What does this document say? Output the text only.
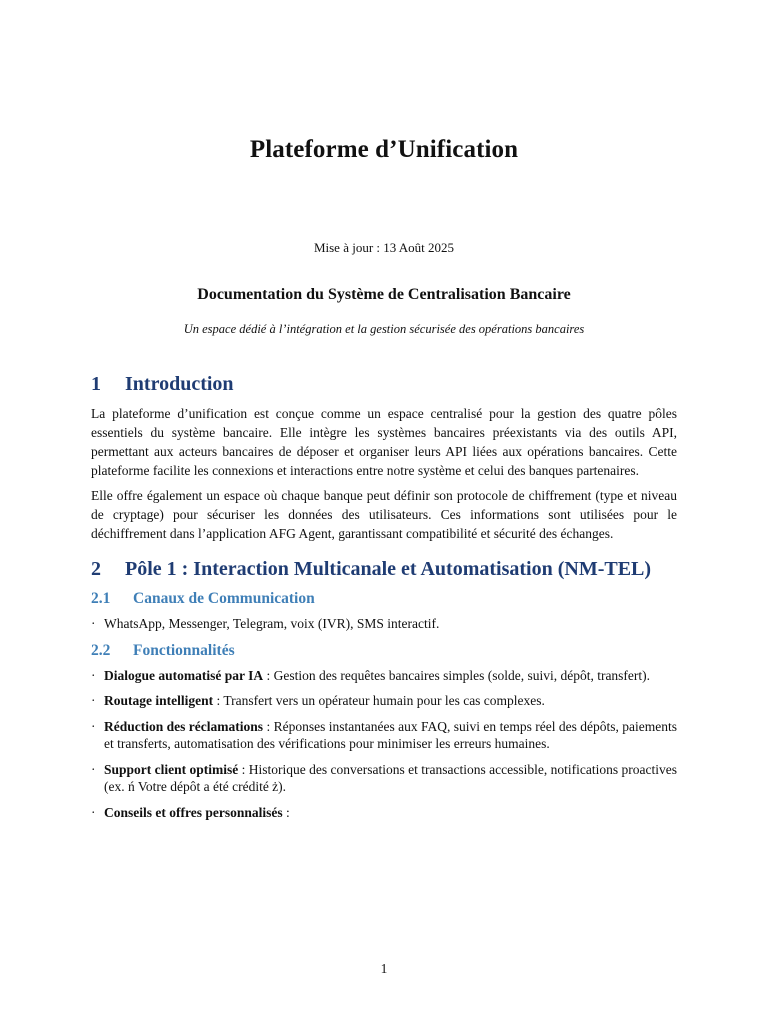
Plateforme d’Unification
Mise à jour : 13 Août 2025
Documentation du Système de Centralisation Bancaire
Un espace dédié à l’intégration et la gestion sécurisée des opérations bancaires
1 Introduction

La plateforme d’unification est conçue comme un espace centralisé pour la gestion des quatre pôles essentiels du système bancaire. Elle intègre les systèmes bancaires préexistants via des outils API, permettant aux acteurs bancaires de déposer et organiser leurs API liées aux opérations bancaires. Cette plateforme facilite les connexions et interactions entre notre système et celui des banques partenaires.

Elle offre également un espace où chaque banque peut définir son protocole de chiffrement (type et niveau de cryptage) pour sécuriser les données des utilisateurs. Ces informations sont utilisées pour le déchiffrement dans l’application AFG Agent, garantissant compatibilité et sécurité des échanges.

2 Pôle 1 : Interaction Multicanale et Automatisation (NM-TEL)
2.1 Canaux de Communication
· WhatsApp, Messenger, Telegram, voix (IVR), SMS interactif.
2.2 Fonctionnalités
· Dialogue automatisé par IA : Gestion des requêtes bancaires simples (solde, suivi, dépôt, transfert).
· Routage intelligent : Transfert vers un opérateur humain pour les cas complexes.
· Réduction des réclamations : Réponses instantanées aux FAQ, suivi en temps réel des dépôts, paiements et transferts, automatisation des vérifications pour minimiser les erreurs humaines.
· Support client optimisé : Historique des conversations et transactions accessible, notifications proactives (ex. ń Votre dépôt a été crédité ż).
· Conseils et offres personnalisés :
1
